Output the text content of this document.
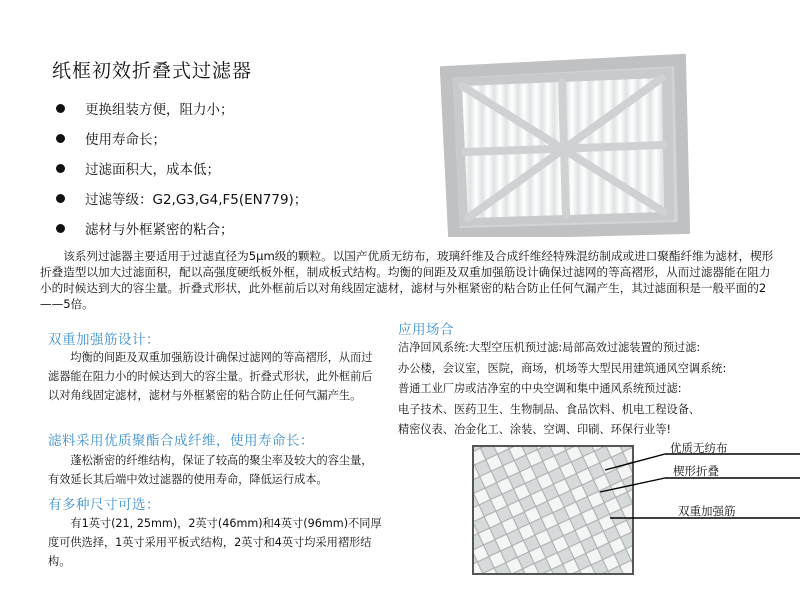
纸框初效折叠式过滤器
更换组装方便，阻力小；
使用寿命长；
过滤面积大，成本低；
过滤等级：G2,G3,G4,F5(EN779)；
滤材与外框紧密的粘合；
该系列过滤器主要适用于过滤直径为5μm级的颗粒。以国产优质无纺布，玻璃纤维及合成纤维经特殊混纺制成或进口聚酯纤维为滤材，楔形折叠造型以加大过滤面积，配以高强度硬纸板外框，制成板式结构。均衡的间距及双重加强筋设计确保过滤网的等高褶形，从而过滤器能在阻力小的时候达到大的容尘量。折叠式形状，此外框前后以对角线固定滤材，滤材与外框紧密的粘合防止任何气漏产生，其过滤面积是一般平面的2——5倍。
双重加强筋设计：
均衡的间距及双重加强筋设计确保过滤网的等高褶形，从而过滤器能在阻力小的时候达到大的容尘量。折叠式形状，此外框前后以对角线固定滤材，滤材与外框紧密的粘合防止任何气漏产生。
滤料采用优质聚酯合成纤维，使用寿命长：
蓬松渐密的纤维结构，保证了较高的聚尘率及较大的容尘量，有效延长其后端中效过滤器的使用寿命，降低运行成本。
有多种尺寸可选：
有1英寸(21, 25mm)，2英寸(46mm)和4英寸(96mm)不同厚度可供选择，1英寸采用平板式结构，2英寸和4英寸均采用褶形结构。
应用场合
洁净回风系统:大型空压机预过滤:局部高效过滤装置的预过滤:
办公楼，会议室，医院，商场，机场等大型民用建筑通风空调系统:
普通工业厂房或洁净室的中央空调和集中通风系统预过滤:
电子技术、医药卫生、生物制品、食品饮料、机电工程设备、
精密仪表、冶金化工、涂装、空调、印刷、环保行业等!
优质无纺布
楔形折叠
双重加强筋
